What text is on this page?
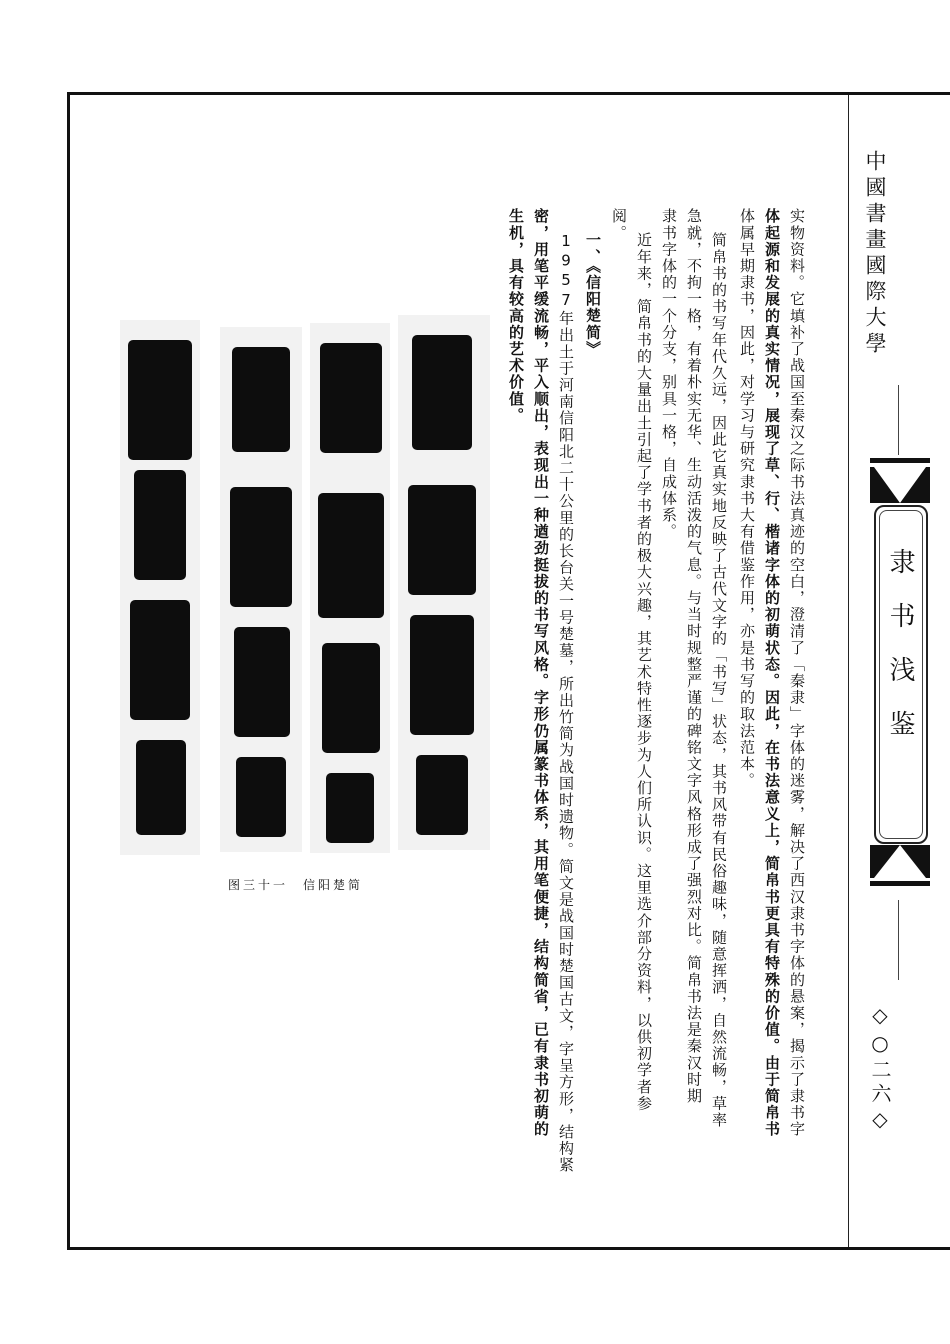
中國書畫國際大學
隶书浅鉴
◇○二六◇
实物资料。它填补了战国至秦汉之际书法真迹的空白，澄清了「秦隶」字体的迷雾，解决了西汉隶书字体的悬案，揭示了隶书字
体起源和发展的真实情况，展现了草、行、楷诸字体的初萌状态。因此，在书法意义上，简帛书更具有特殊的价值。由于简帛书
体属早期隶书，因此，对学习与研究隶书大有借鉴作用，亦是书写的取法范本。
简帛书的书写年代久远，因此它真实地反映了古代文字的「书写」状态，其书风带有民俗趣味，随意挥洒，自然流畅，草率
急就，不拘一格，有着朴实无华、生动活泼的气息。与当时规整严谨的碑铭文字风格形成了强烈对比。简帛书法是秦汉时期
隶书字体的一个分支，别具一格，自成体系。
近年来，简帛书的大量出土引起了学书者的极大兴趣，其艺术特性逐步为人们所认识。这里选介部分资料，以供初学者参
阅。
一、《信阳楚简》
1957年出土于河南信阳北二十公里的长台关一号楚墓，所出竹简为战国时遗物。简文是战国时楚国古文，字呈方形，结构紧
密，用笔平缓流畅，平入顺出，表现出一种遒劲挺拔的书写风格。字形仍属篆书体系，其用笔便捷，结构简省，已有隶书初萌的
生机，具有较高的艺术价值。
图三十一　信阳楚简
